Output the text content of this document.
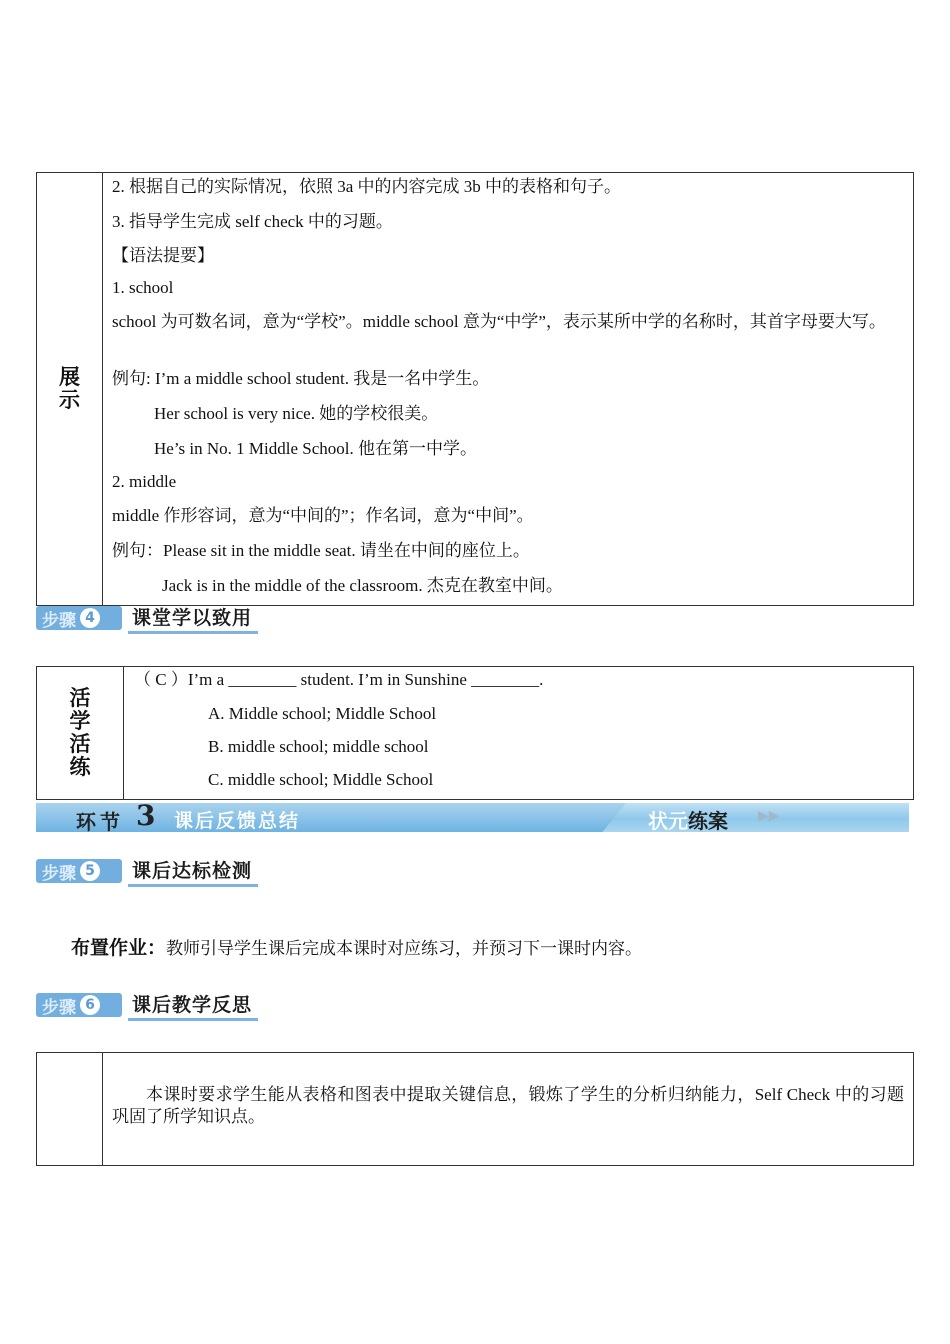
展示
2. 根据自己的实际情况，依照 3a 中的内容完成 3b 中的表格和句子。
3. 指导学生完成 self check 中的习题。
【语法提要】
1. school
school 为可数名词，意为“学校”。middle school 意为“中学”，表示某所中学的名称时，其首字母要大写。
例句: I’m a middle school student. 我是一名中学生。
Her school is very nice. 她的学校很美。
He’s in No. 1 Middle School. 他在第一中学。
2. middle
middle 作形容词，意为“中间的”；作名词，意为“中间”。
例句：Please sit in the middle seat. 请坐在中间的座位上。
Jack is in the middle of the classroom. 杰克在教室中间。
步骤 4 课堂学以致用
活学活练
（ C ）I’m a ________ student. I’m in Sunshine ________.
A. Middle school; Middle School
B. middle school; middle school
C. middle school; Middle School
环节 3 课后反馈总结	状元练案 ▶▶
步骤 5 课后达标检测
布置作业：教师引导学生课后完成本课时对应练习，并预习下一课时内容。
步骤 6 课后教学反思
本课时要求学生能从表格和图表中提取关键信息，锻炼了学生的分析归纳能力，Self Check 中的习题巩固了所学知识点。
